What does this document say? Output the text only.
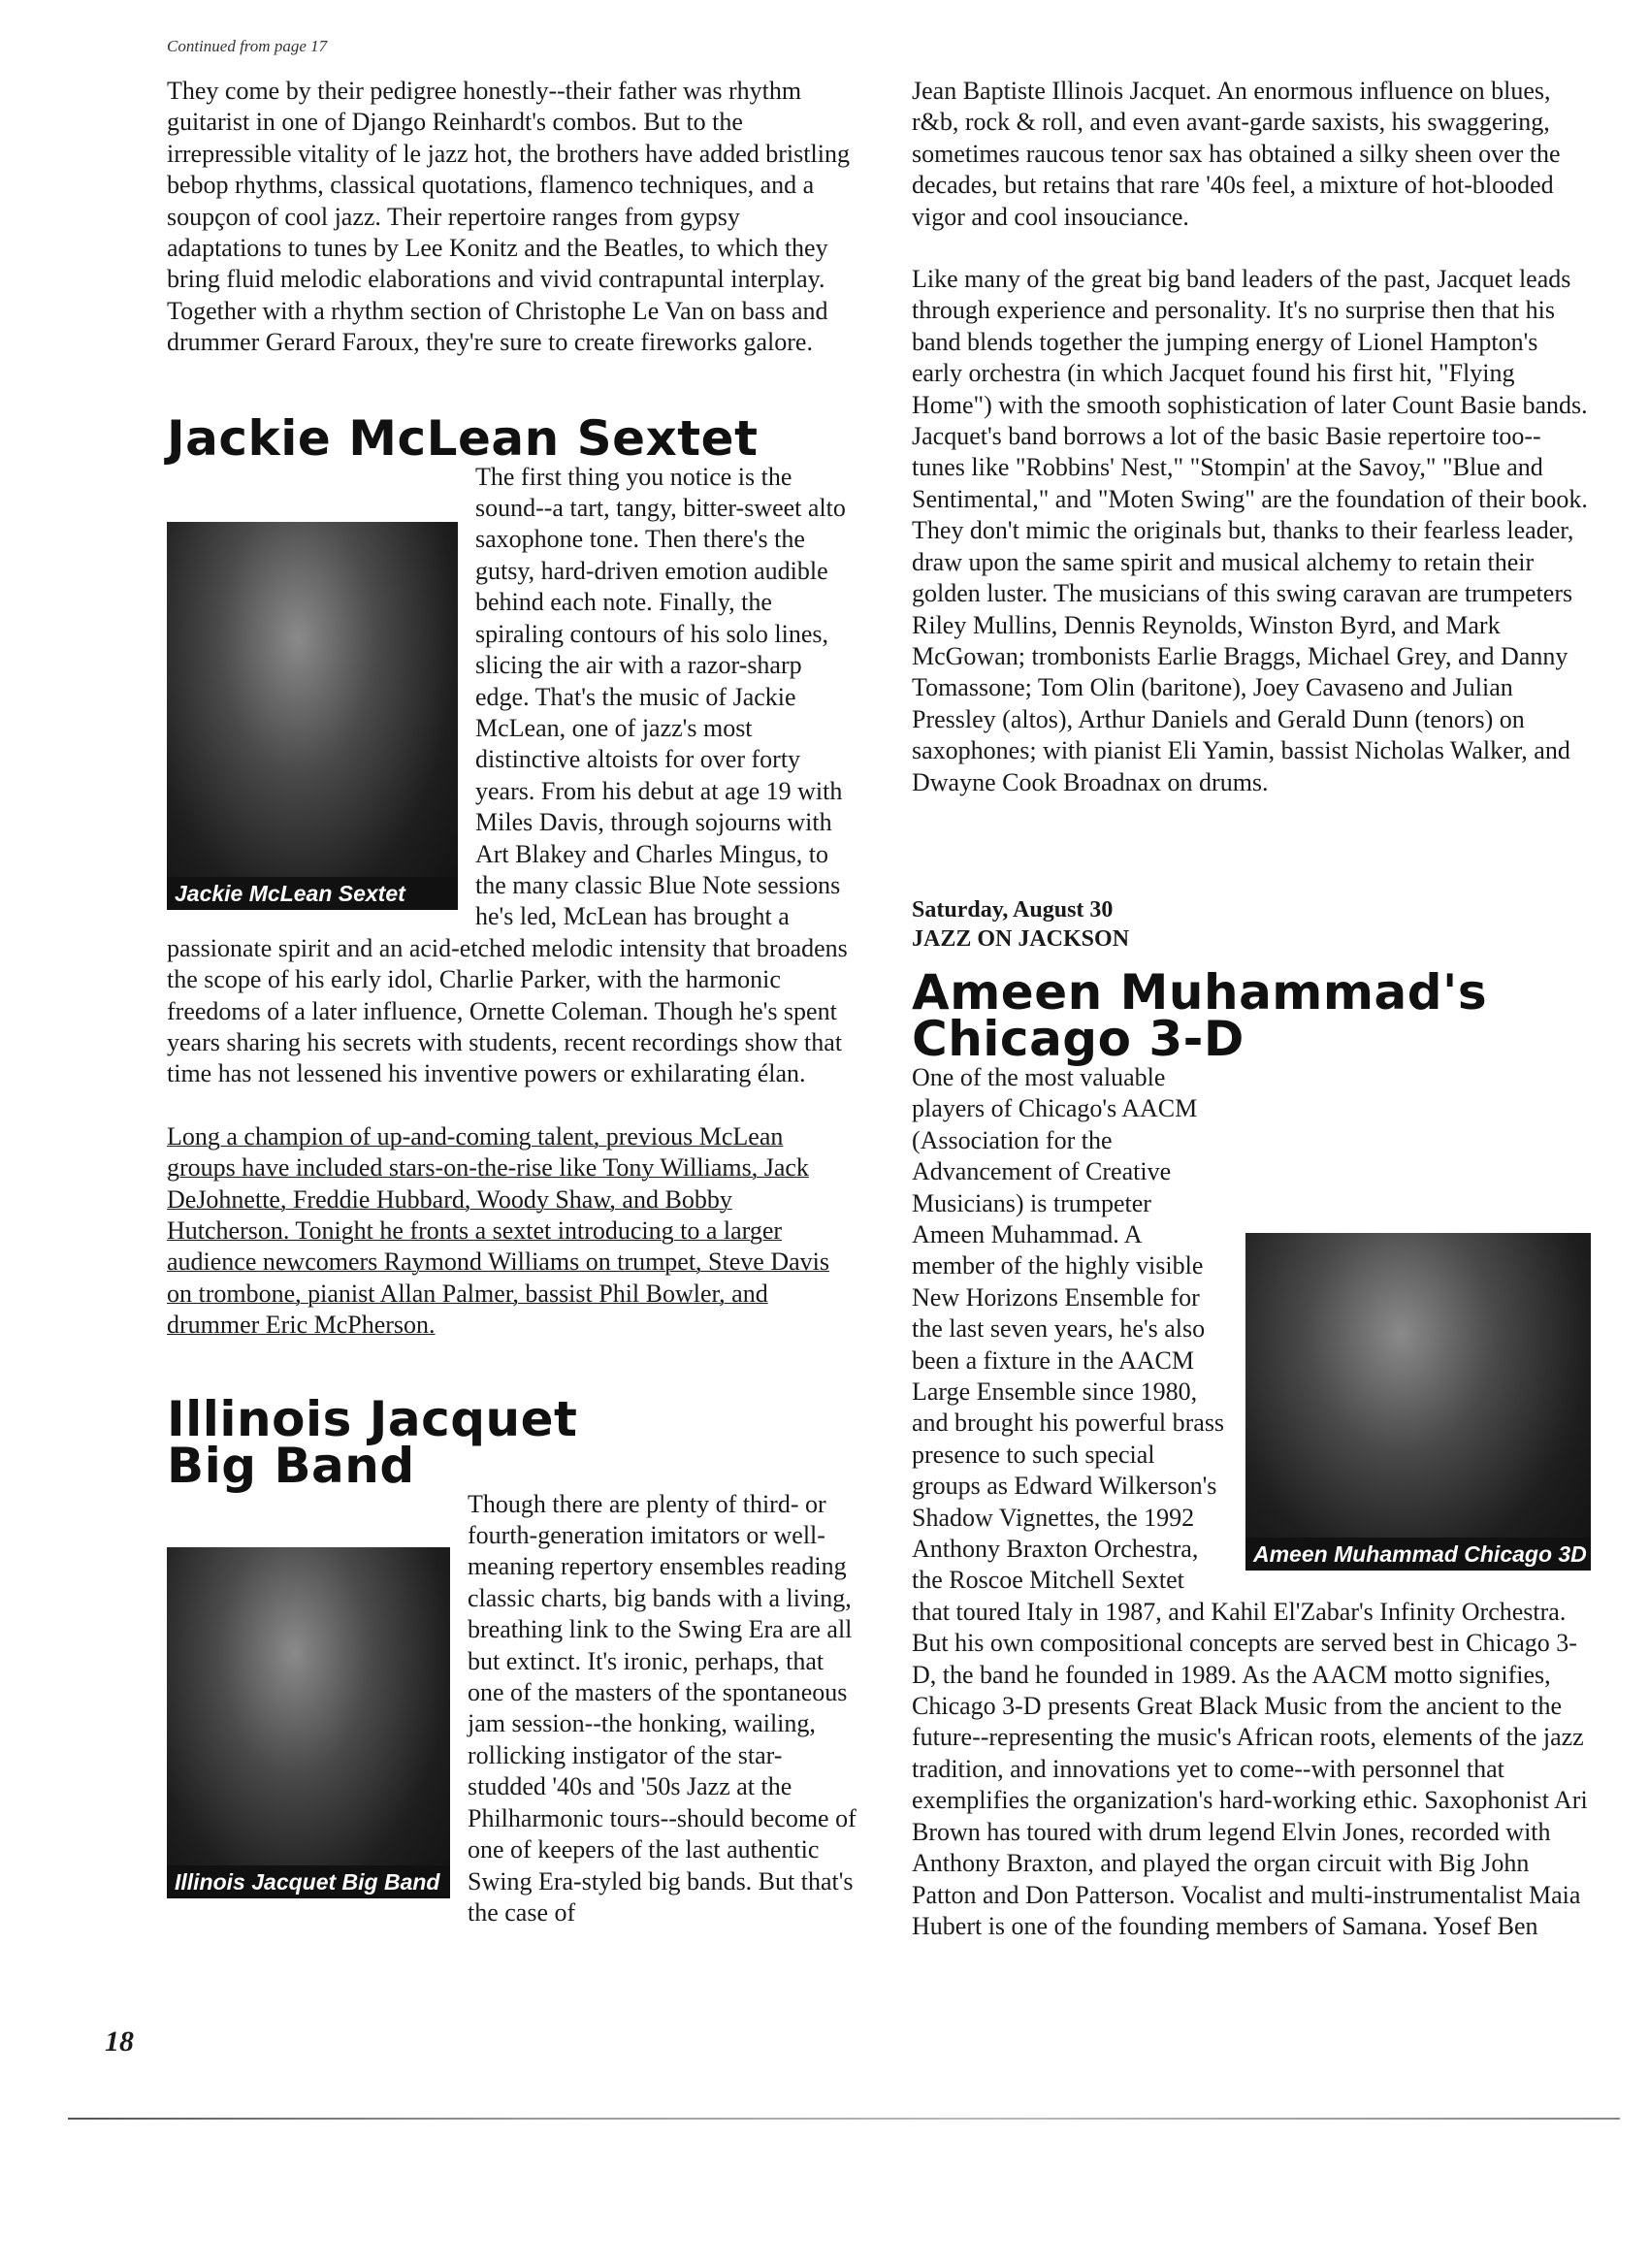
Continued from page 17

They come by their pedigree honestly--their father was rhythm guitarist in one of Django Reinhardt's combos. But to the irrepressible vitality of le jazz hot, the brothers have added bristling bebop rhythms, classical quotations, flamenco techniques, and a soupçon of cool jazz. Their repertoire ranges from gypsy adaptations to tunes by Lee Konitz and the Beatles, to which they bring fluid melodic elaborations and vivid contrapuntal interplay. Together with a rhythm section of Christophe Le Van on bass and drummer Gerard Faroux, they're sure to create fireworks galore.

Jackie McLean Sextet
Jackie McLean Sextet

The first thing you notice is the sound--a tart, tangy, bitter-sweet alto saxophone tone. Then there's the gutsy, hard-driven emotion audible behind each note. Finally, the spiraling contours of his solo lines, slicing the air with a razor-sharp edge. That's the music of Jackie McLean, one of jazz's most distinctive altoists for over forty years. From his debut at age 19 with Miles Davis, through sojourns with Art Blakey and Charles Mingus, to the many classic Blue Note sessions he's led, McLean has brought a passionate spirit and an acid-etched melodic intensity that broadens the scope of his early idol, Charlie Parker, with the harmonic freedoms of a later influence, Ornette Coleman. Though he's spent years sharing his secrets with students, recent recordings show that time has not lessened his inventive powers or exhilarating élan.

Long a champion of up-and-coming talent, previous McLean groups have included stars-on-the-rise like Tony Williams, Jack DeJohnette, Freddie Hubbard, Woody Shaw, and Bobby Hutcherson. Tonight he fronts a sextet introducing to a larger audience newcomers Raymond Williams on trumpet, Steve Davis on trombone, pianist Allan Palmer, bassist Phil Bowler, and drummer Eric McPherson.

Illinois Jacquet
Big Band
Illinois Jacquet Big Band

Though there are plenty of third- or fourth-generation imitators or well-meaning repertory ensembles reading classic charts, big bands with a living, breathing link to the Swing Era are all but extinct. It's ironic, perhaps, that one of the masters of the spontaneous jam session--the honking, wailing, rollicking instigator of the star-studded '40s and '50s Jazz at the Philharmonic tours--should become of one of keepers of the last authentic Swing Era-styled big bands. But that's the case of

Jean Baptiste Illinois Jacquet. An enormous influence on blues, r&b, rock & roll, and even avant-garde saxists, his swaggering, sometimes raucous tenor sax has obtained a silky sheen over the decades, but retains that rare '40s feel, a mixture of hot-blooded vigor and cool insouciance.

Like many of the great big band leaders of the past, Jacquet leads through experience and personality. It's no surprise then that his band blends together the jumping energy of Lionel Hampton's early orchestra (in which Jacquet found his first hit, "Flying Home") with the smooth sophistication of later Count Basie bands. Jacquet's band borrows a lot of the basic Basie repertoire too--tunes like "Robbins' Nest," "Stompin' at the Savoy," "Blue and Sentimental," and "Moten Swing" are the foundation of their book. They don't mimic the originals but, thanks to their fearless leader, draw upon the same spirit and musical alchemy to retain their golden luster. The musicians of this swing caravan are trumpeters Riley Mullins, Dennis Reynolds, Winston Byrd, and Mark McGowan; trombonists Earlie Braggs, Michael Grey, and Danny Tomassone; Tom Olin (baritone), Joey Cavaseno and Julian Pressley (altos), Arthur Daniels and Gerald Dunn (tenors) on saxophones; with pianist Eli Yamin, bassist Nicholas Walker, and Dwayne Cook Broadnax on drums.

Saturday, August 30
JAZZ ON JACKSON
Ameen Muhammad's
Chicago 3-D
Ameen Muhammad Chicago 3D

One of the most valuable players of Chicago's AACM (Association for the Advancement of Creative Musicians) is trumpeter Ameen Muhammad. A member of the highly visible New Horizons Ensemble for the last seven years, he's also been a fixture in the AACM Large Ensemble since 1980, and brought his powerful brass presence to such special groups as Edward Wilkerson's Shadow Vignettes, the 1992 Anthony Braxton Orchestra, the Roscoe Mitchell Sextet that toured Italy in 1987, and Kahil El'Zabar's Infinity Orchestra. But his own compositional concepts are served best in Chicago 3-D, the band he founded in 1989. As the AACM motto signifies, Chicago 3-D presents Great Black Music from the ancient to the future--representing the music's African roots, elements of the jazz tradition, and innovations yet to come--with personnel that exemplifies the organization's hard-working ethic. Saxophonist Ari Brown has toured with drum legend Elvin Jones, recorded with Anthony Braxton, and played the organ circuit with Big John Patton and Don Patterson. Vocalist and multi-instrumentalist Maia Hubert is one of the founding members of Samana. Yosef Ben

18
